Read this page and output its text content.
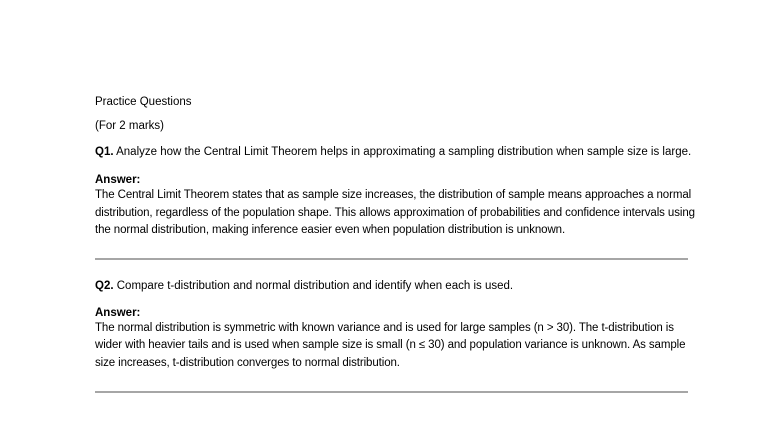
Practice Questions
(For 2 marks)
Q1. Analyze how the Central Limit Theorem helps in approximating a sampling distribution when sample size is large.
Answer:
The Central Limit Theorem states that as sample size increases, the distribution of sample means approaches a normal distribution, regardless of the population shape. This allows approximation of probabilities and confidence intervals using the normal distribution, making inference easier even when population distribution is unknown.
Q2. Compare t-distribution and normal distribution and identify when each is used.
Answer:
The normal distribution is symmetric with known variance and is used for large samples (n > 30). The t-distribution is wider with heavier tails and is used when sample size is small (n ≤ 30) and population variance is unknown. As sample size increases, t-distribution converges to normal distribution.
